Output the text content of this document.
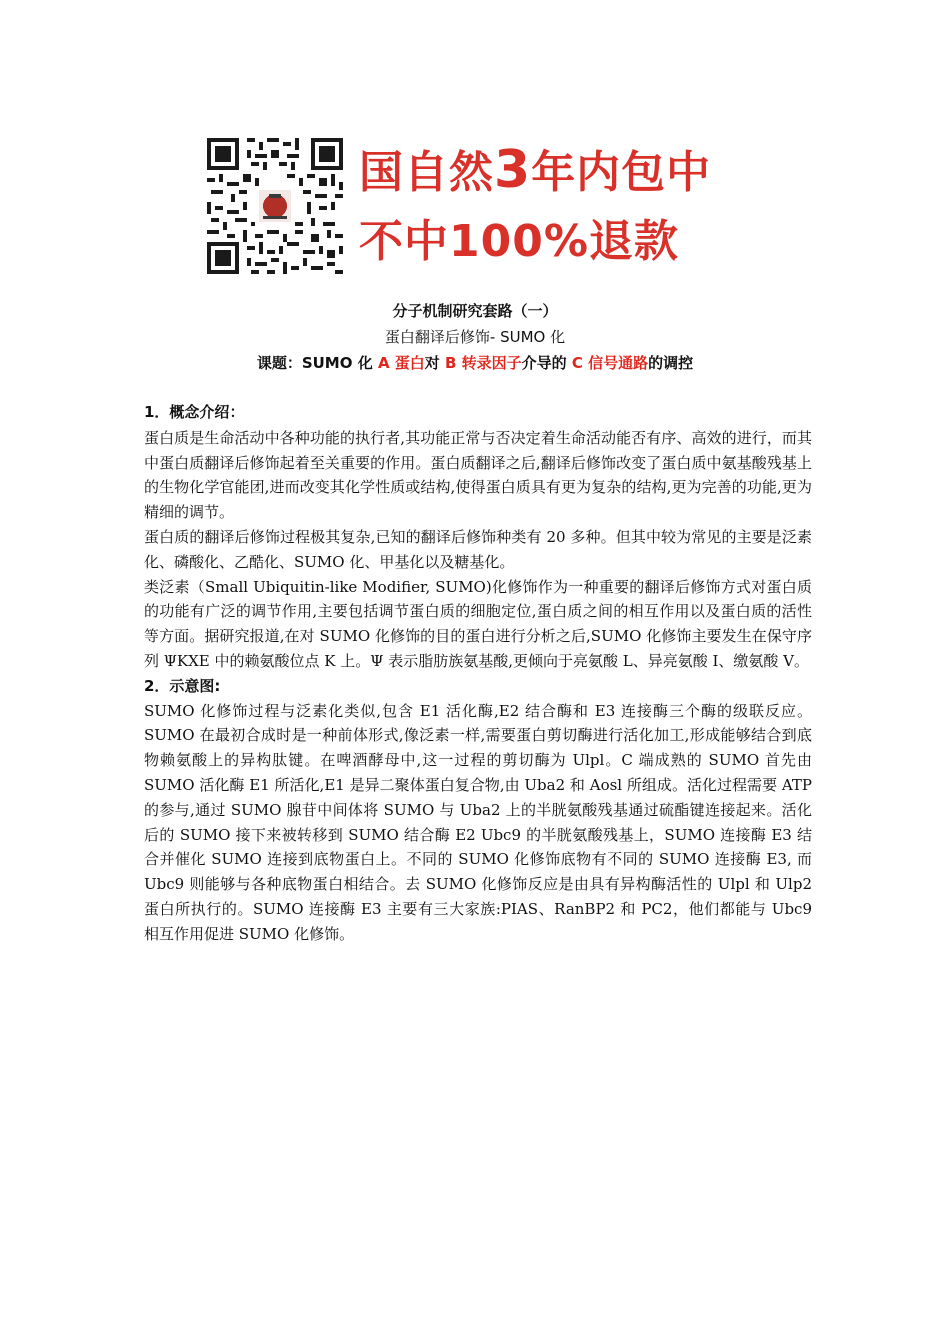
国自然3年内包中
不中100%退款
分子机制研究套路（一）
蛋白翻译后修饰- SUMO 化
课题：SUMO 化 A 蛋白对 B 转录因子介导的 C 信号通路的调控
1．概念介绍：

蛋白质是生命活动中各种功能的执行者,其功能正常与否决定着生命活动能否有序、高效的进行，而其中蛋白质翻译后修饰起着至关重要的作用。蛋白质翻译之后,翻译后修饰改变了蛋白质中氨基酸残基上的生物化学官能团,进而改变其化学性质或结构,使得蛋白质具有更为复杂的结构,更为完善的功能,更为精细的调节。

蛋白质的翻译后修饰过程极其复杂,已知的翻译后修饰种类有 20 多种。但其中较为常见的主要是泛素化、磷酸化、乙酷化、SUMO 化、甲基化以及糖基化。

类泛素（Small Ubiquitin-like Modifier, SUMO)化修饰作为一种重要的翻译后修饰方式对蛋白质的功能有广泛的调节作用,主要包括调节蛋白质的细胞定位,蛋白质之间的相互作用以及蛋白质的活性等方面。据研究报道,在对 SUMO 化修饰的目的蛋白进行分析之后,SUMO 化修饰主要发生在保守序列 ΨKXE 中的赖氨酸位点 K 上。Ψ 表示脂肪族氨基酸,更倾向于亮氨酸 L、异亮氨酸 I、缴氨酸 V。

2．示意图:

SUMO 化修饰过程与泛素化类似,包含 E1 活化酶,E2 结合酶和 E3 连接酶三个酶的级联反应。SUMO 在最初合成时是一种前体形式,像泛素一样,需要蛋白剪切酶进行活化加工,形成能够结合到底物赖氨酸上的异构肽键。在啤酒酵母中,这一过程的剪切酶为 Ulpl。C 端成熟的 SUMO 首先由 SUMO 活化酶 E1 所活化,E1 是异二聚体蛋白复合物,由 Uba2 和 Aosl 所组成。活化过程需要 ATP 的参与,通过 SUMO 腺苷中间体将 SUMO 与 Uba2 上的半胱氨酸残基通过硫酯键连接起来。活化后的 SUMO 接下来被转移到 SUMO 结合酶 E2 Ubc9 的半胱氨酸残基上，SUMO 连接酶 E3 结合并催化 SUMO 连接到底物蛋白上。不同的 SUMO 化修饰底物有不同的 SUMO 连接酶 E3, 而 Ubc9 则能够与各种底物蛋白相结合。去 SUMO 化修饰反应是由具有异构酶活性的 Ulpl 和 Ulp2 蛋白所执行的。SUMO 连接酶 E3 主要有三大家族:PIAS、RanBP2 和 PC2，他们都能与 Ubc9 相互作用促进 SUMO 化修饰。
